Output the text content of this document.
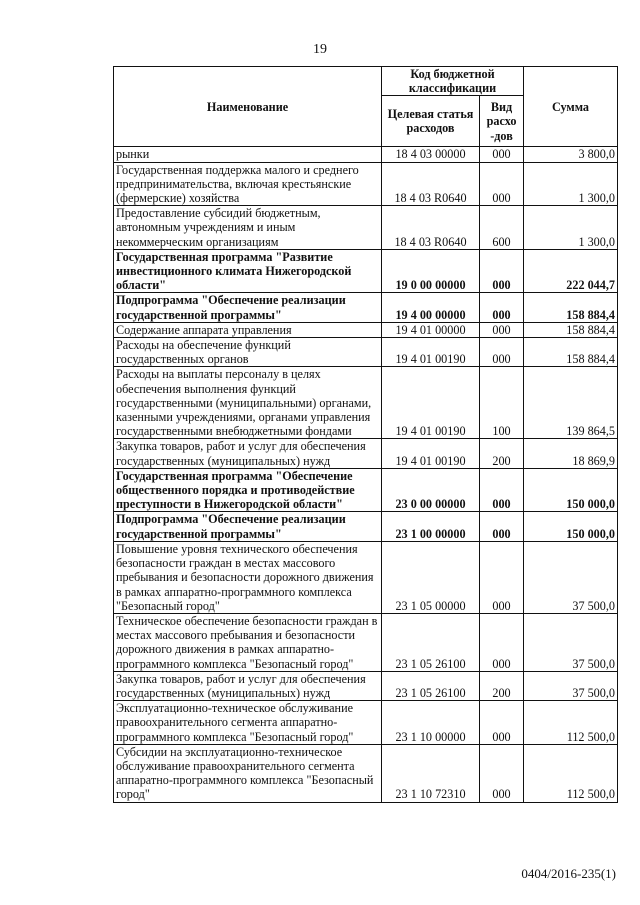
19
Наименование	Код бюджетной классификации		Сумма
	Целевая статья расходов	Вид расхо -дов	
рынки	18 4 03 00000	000	3 800,0
Государственная поддержка малого и среднего предпринимательства, включая крестьянские (фермерские) хозяйства	18 4 03 R0640	000	1 300,0
Предоставление субсидий бюджетным, автономным учреждениям и иным некоммерческим организациям	18 4 03 R0640	600	1 300,0
Государственная программа "Развитие инвестиционного климата Нижегородской области"	19 0 00 00000	000	222 044,7
Подпрограмма "Обеспечение реализации государственной программы"	19 4 00 00000	000	158 884,4
Содержание аппарата управления	19 4 01 00000	000	158 884,4
Расходы на обеспечение функций государственных органов	19 4 01 00190	000	158 884,4
Расходы на выплаты персоналу в целях обеспечения выполнения функций государственными (муниципальными) органами, казенными учреждениями, органами управления государственными внебюджетными фондами	19 4 01 00190	100	139 864,5
Закупка товаров, работ и услуг для обеспечения государственных (муниципальных) нужд	19 4 01 00190	200	18 869,9
Государственная программа "Обеспечение общественного порядка и противодействие преступности в Нижегородской области"	23 0 00 00000	000	150 000,0
Подпрограмма "Обеспечение реализации государственной программы"	23 1 00 00000	000	150 000,0
Повышение уровня технического обеспечения безопасности граждан в местах массового пребывания и безопасности дорожного движения в рамках аппаратно-программного комплекса "Безопасный город"	23 1 05 00000	000	37 500,0
Техническое обеспечение безопасности граждан в местах массового пребывания и безопасности дорожного движения в рамках аппаратно-программного комплекса "Безопасный город"	23 1 05 26100	000	37 500,0
Закупка товаров, работ и услуг для обеспечения государственных (муниципальных) нужд	23 1 05 26100	200	37 500,0
Эксплуатационно-техническое обслуживание правоохранительного сегмента аппаратно-программного комплекса "Безопасный город"	23 1 10 00000	000	112 500,0
Субсидии на эксплуатационно-техническое обслуживание правоохранительного сегмента аппаратно-программного комплекса "Безопасный город"	23 1 10 72310	000	112 500,0
0404/2016-235(1)
